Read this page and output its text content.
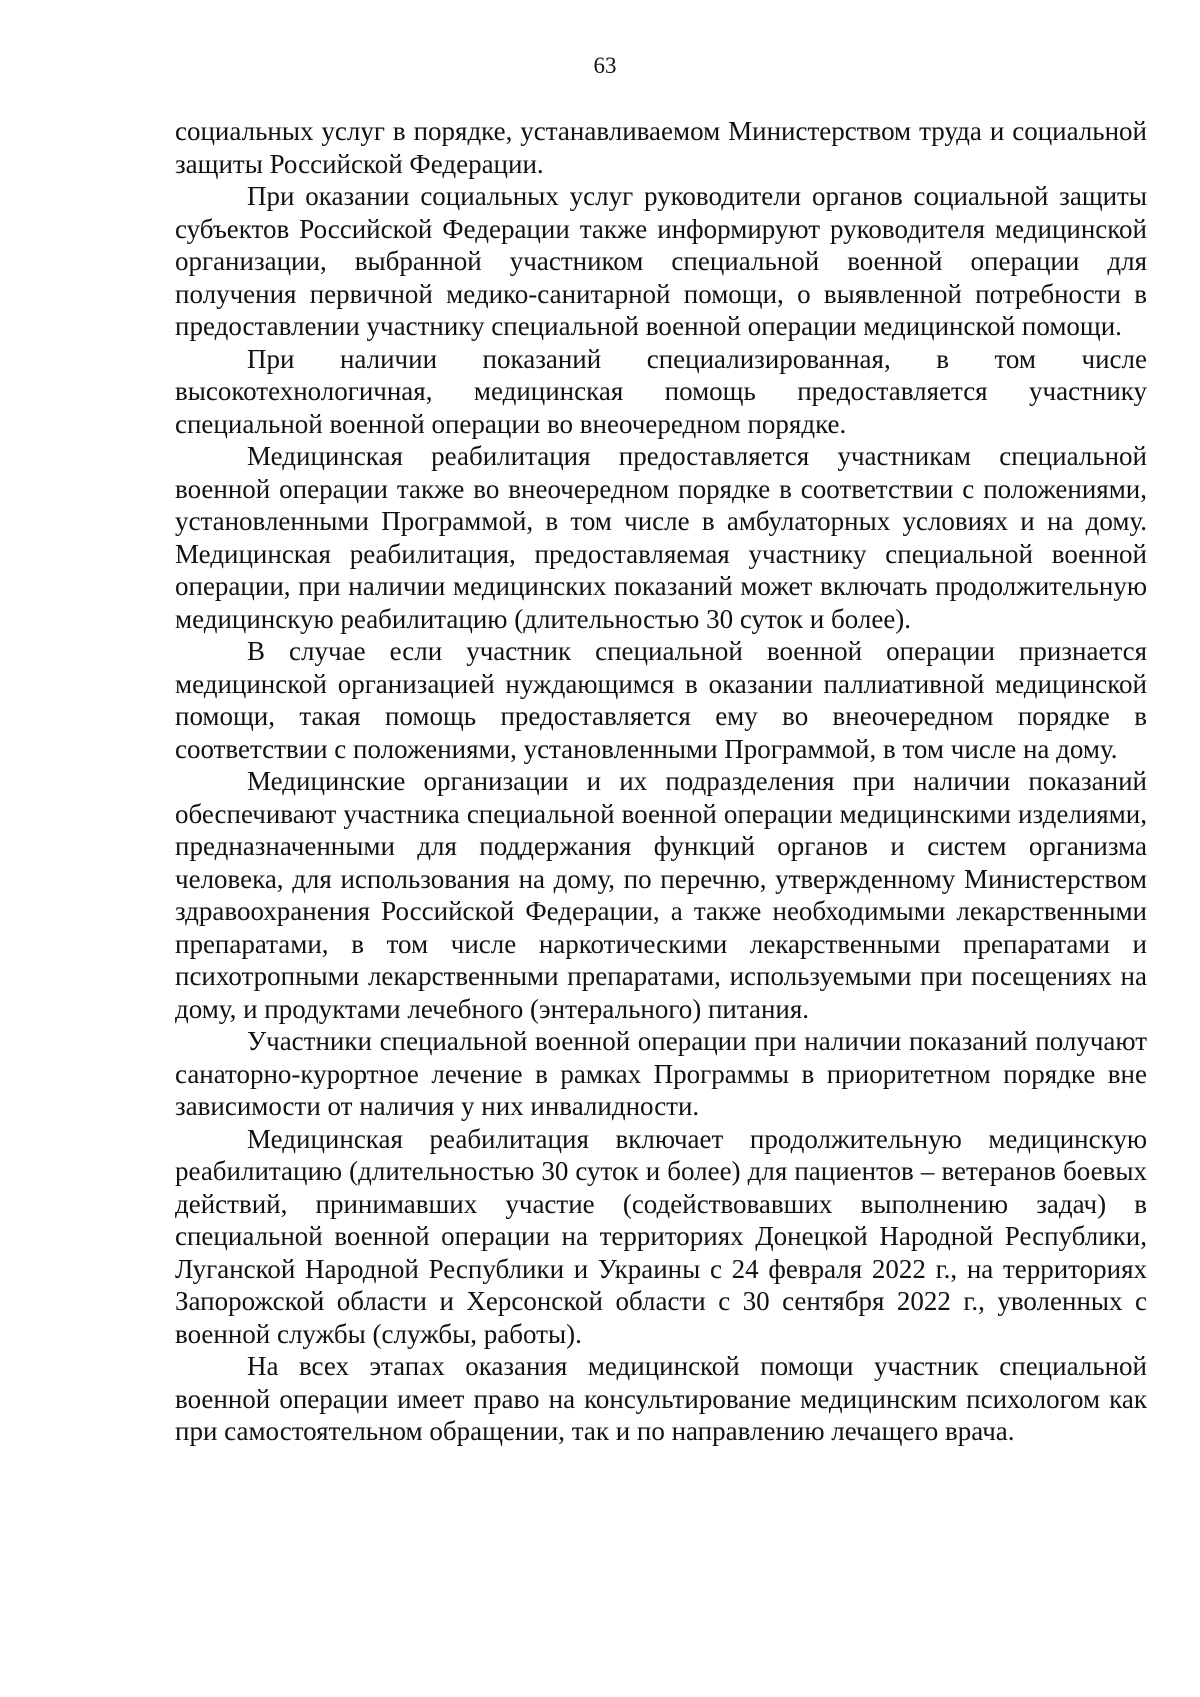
63

социальных услуг в порядке, устанавливаемом Министерством труда и социальной защиты Российской Федерации.

При оказании социальных услуг руководители органов социальной защиты субъектов Российской Федерации также информируют руководителя медицинской организации, выбранной участником специальной военной операции для получения первичной медико-санитарной помощи, о выявленной потребности в предоставлении участнику специальной военной операции медицинской помощи.

При наличии показаний специализированная, в том числе высокотехнологичная, медицинская помощь предоставляется участнику специальной военной операции во внеочередном порядке.

Медицинская реабилитация предоставляется участникам специальной военной операции также во внеочередном порядке в соответствии с положениями, установленными Программой, в том числе в амбулаторных условиях и на дому. Медицинская реабилитация, предоставляемая участнику специальной военной операции, при наличии медицинских показаний может включать продолжительную медицинскую реабилитацию (длительностью 30 суток и более).

В случае если участник специальной военной операции признается медицинской организацией нуждающимся в оказании паллиативной медицинской помощи, такая помощь предоставляется ему во внеочередном порядке в соответствии с положениями, установленными Программой, в том числе на дому.

Медицинские организации и их подразделения при наличии показаний обеспечивают участника специальной военной операции медицинскими изделиями, предназначенными для поддержания функций органов и систем организма человека, для использования на дому, по перечню, утвержденному Министерством здравоохранения Российской Федерации, а также необходимыми лекарственными препаратами, в том числе наркотическими лекарственными препаратами и психотропными лекарственными препаратами, используемыми при посещениях на дому, и продуктами лечебного (энтерального) питания.

Участники специальной военной операции при наличии показаний получают санаторно-курортное лечение в рамках Программы в приоритетном порядке вне зависимости от наличия у них инвалидности.

Медицинская реабилитация включает продолжительную медицинскую реабилитацию (длительностью 30 суток и более) для пациентов – ветеранов боевых действий, принимавших участие (содействовавших выполнению задач) в специальной военной операции на территориях Донецкой Народной Республики, Луганской Народной Республики и Украины с 24 февраля 2022 г., на территориях Запорожской области и Херсонской области с 30 сентября 2022 г., уволенных с военной службы (службы, работы).

На всех этапах оказания медицинской помощи участник специальной военной операции имеет право на консультирование медицинским психологом как при самостоятельном обращении, так и по направлению лечащего врача.
